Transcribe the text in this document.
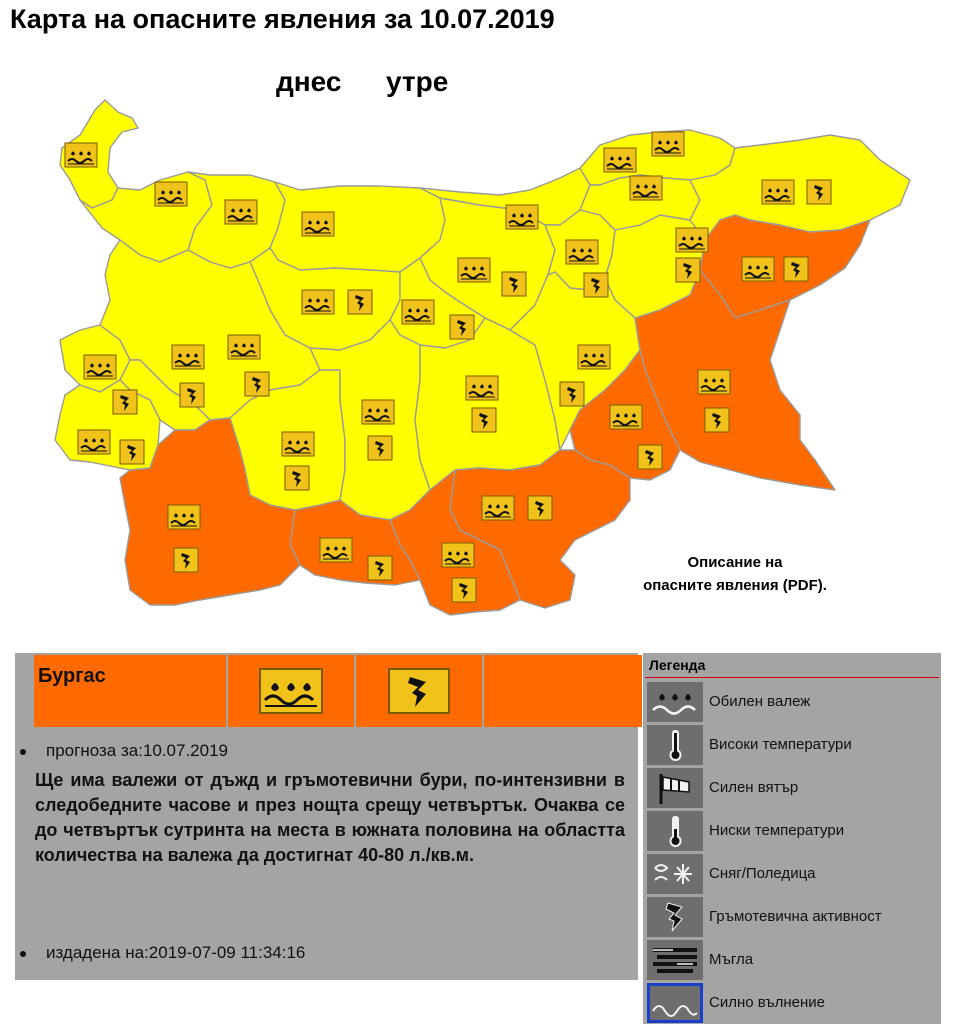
Карта на опасните явления за 10.07.2019
днес утре
Описание на
опасните явления (PDF).
Бургас
прогноза за:10.07.2019
Ще има валежи от дъжд и гръмотевични бури, по-интензивни в следобедните часове и през нощта срещу четвъртък. Очаква се до четвъртък сутринта на места в южната половина на областта количества на валежа да достигнат 40-80 л./кв.м.
издадена на:2019-07-09 11:34:16
Легенда
Обилен валеж
Високи температури
Силен вятър
Ниски температури
Сняг/Поледица
Гръмотевична активност
Мъгла
Силно вълнение
